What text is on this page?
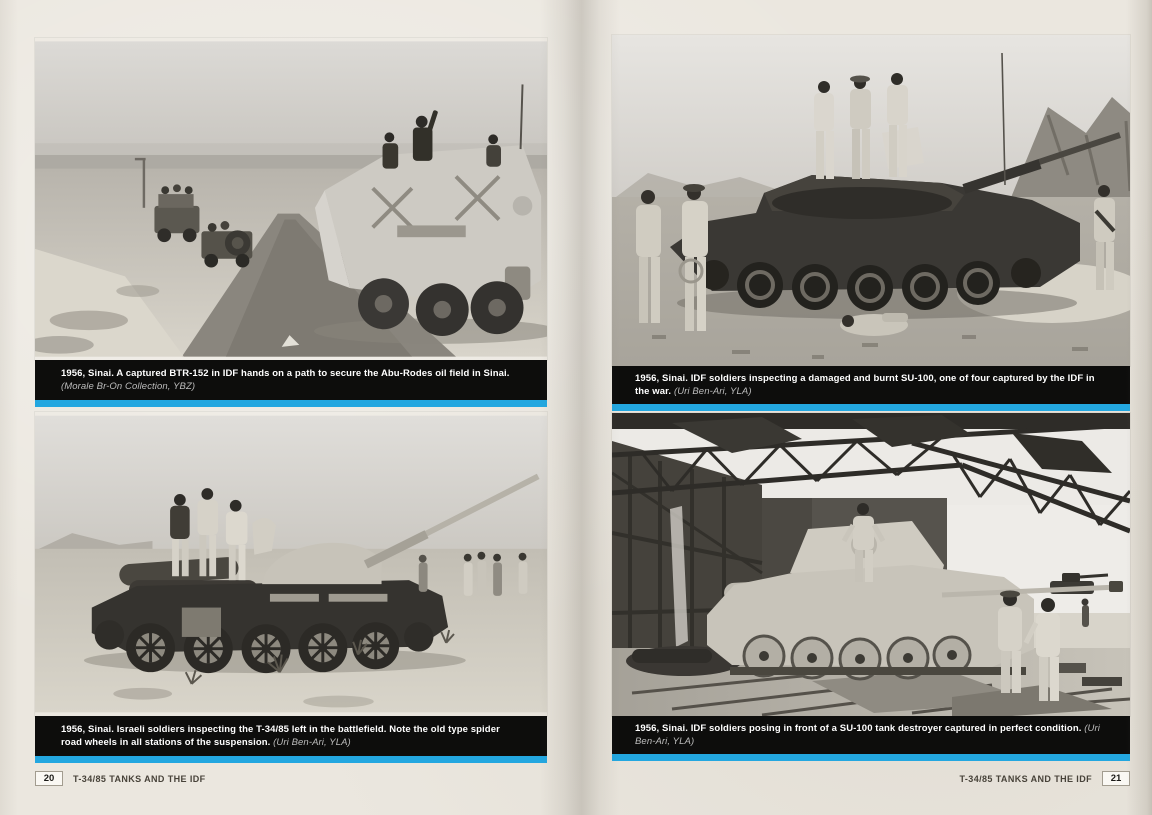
1956, Sinai. A captured BTR-152 in IDF hands on a path to secure the Abu-Rodes oil field in Sinai. (Morale Br-On Collection, YBZ)
1956, Sinai. Israeli soldiers inspecting the T-34/85 left in the battlefield. Note the old type spider road wheels in all stations of the suspension. (Uri Ben-Ari, YLA)
1956, Sinai. IDF soldiers inspecting a damaged and burnt SU-100, one of four captured by the IDF in the war. (Uri Ben-Ari, YLA)
1956, Sinai. IDF soldiers posing in front of a SU-100 tank destroyer captured in perfect condition. (Uri Ben-Ari, YLA)
20	T-34/85 TANKS AND THE IDF	T-34/85 TANKS AND THE IDF	21
